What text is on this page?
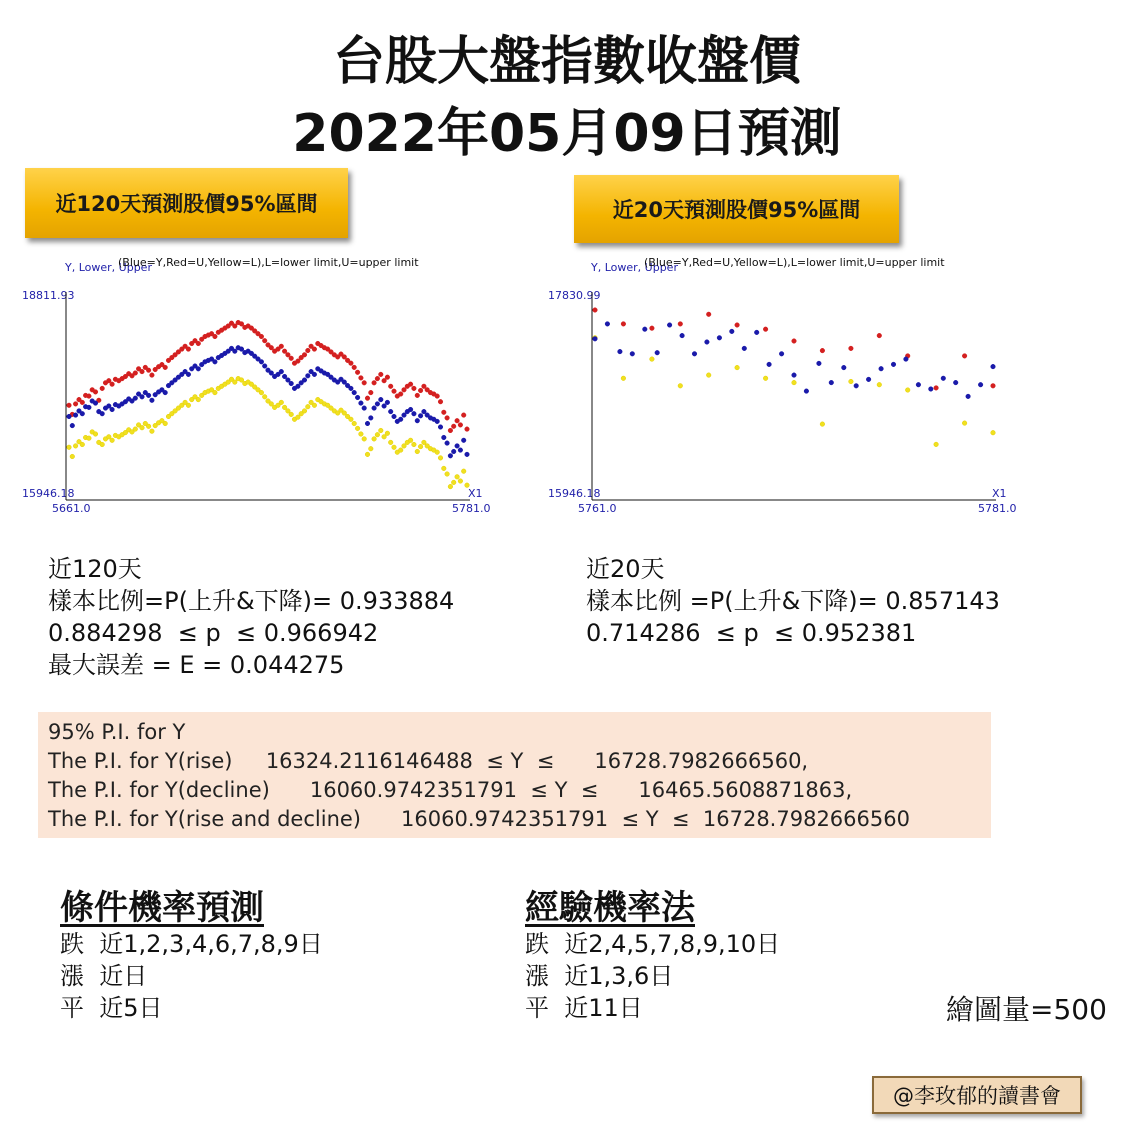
台股大盤指數收盤價
2022年05月09日預測
近120天預測股價95%區間	近20天預測股價95%區間
Y, Lower, Upper
(Blue=Y,Red=U,Yellow=L),L=lower limit,U=upper limit
18811.93
15946.18
5661.0	5781.0
X1
Y, Lower, Upper
(Blue=Y,Red=U,Yellow=L),L=lower limit,U=upper limit
17830.99
15946.18
5761.0	5781.0
X1
近120天
樣本比例=P(上升&下降)= 0.933884
0.884298  ≤ p  ≤ 0.966942
最大誤差 = E = 0.044275
近20天
樣本比例 =P(上升&下降)= 0.857143
0.714286  ≤ p  ≤ 0.952381
95% P.I. for Y
The P.I. for Y(rise)     16324.2116146488  ≤ Y  ≤      16728.7982666560,
The P.I. for Y(decline)      16060.9742351791  ≤ Y  ≤      16465.5608871863,
The P.I. for Y(rise and decline)      16060.9742351791  ≤ Y  ≤  16728.7982666560
條件機率預測
跌  近1,2,3,4,6,7,8,9日
漲  近日
平  近5日
經驗機率法
跌  近2,4,5,7,8,9,10日
漲  近1,3,6日
平  近11日	繪圖量=500
@李玫郁的讀書會
